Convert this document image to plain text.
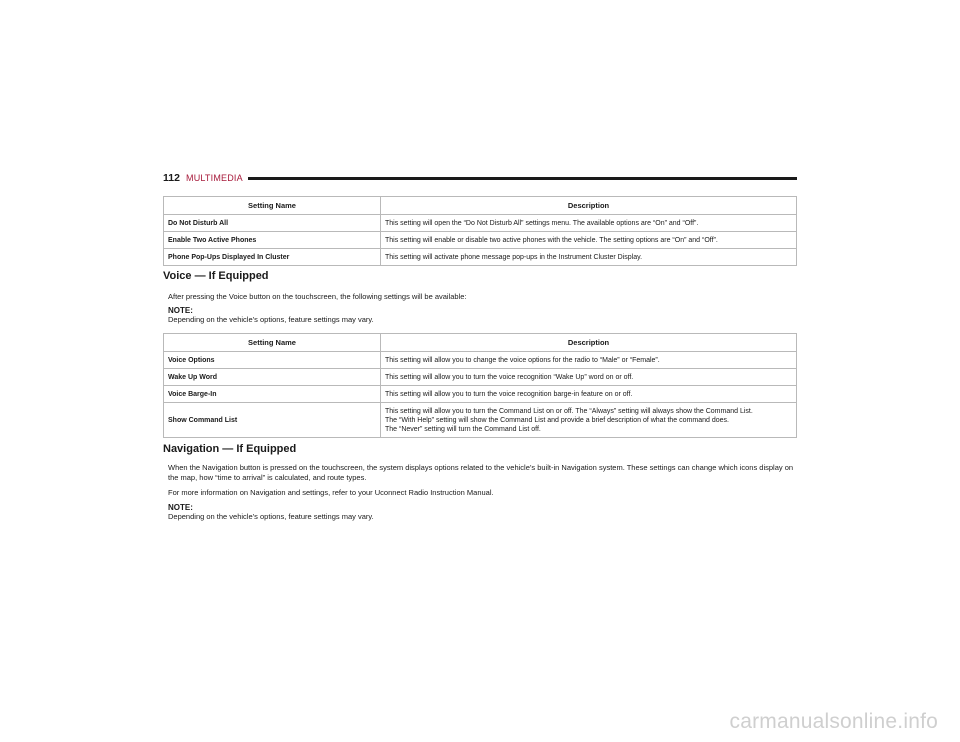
112 MULTIMEDIA
Setting Name	Description
Do Not Disturb All	This setting will open the “Do Not Disturb All” settings menu. The available options are “On” and “Off”.
Enable Two Active Phones	This setting will enable or disable two active phones with the vehicle. The setting options are “On” and “Off”.
Phone Pop-Ups Displayed In Cluster	This setting will activate phone message pop-ups in the Instrument Cluster Display.
Voice — If Equipped
After pressing the Voice button on the touchscreen, the following settings will be available:
NOTE:
Depending on the vehicle’s options, feature settings may vary.
Setting Name	Description
Voice Options	This setting will allow you to change the voice options for the radio to “Male” or “Female”.
Wake Up Word	This setting will allow you to turn the voice recognition “Wake Up” word on or off.
Voice Barge-In	This setting will allow you to turn the voice recognition barge-in feature on or off.
Show Command List	This setting will allow you to turn the Command List on or off. The “Always” setting will always show the Command List.
The “With Help” setting will show the Command List and provide a brief description of what the command does.
The “Never” setting will turn the Command List off.
Navigation — If Equipped
When the Navigation button is pressed on the touchscreen, the system displays options related to the vehicle’s built-in Navigation system. These settings can change which icons display on the map, how “time to arrival” is calculated, and route types.
For more information on Navigation and settings, refer to your Uconnect Radio Instruction Manual.
NOTE:
Depending on the vehicle’s options, feature settings may vary.
carmanualsonline.info
